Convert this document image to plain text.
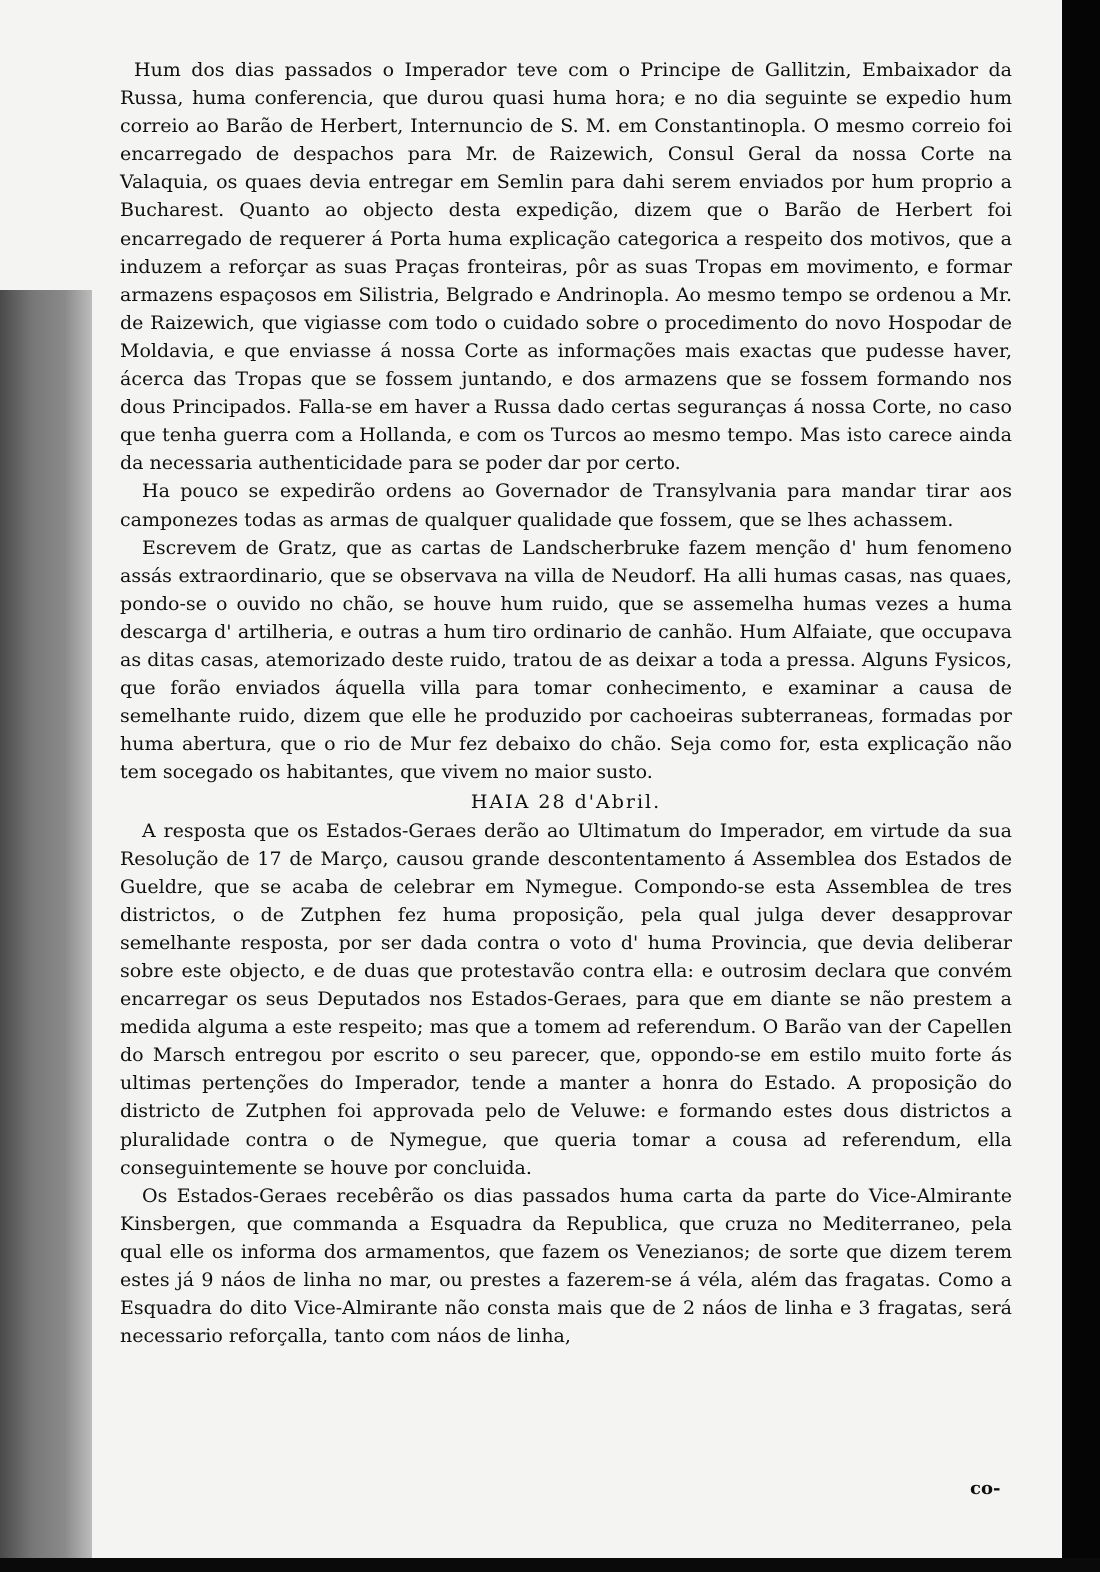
Hum dos dias passados o Imperador teve com o Principe de Gallitzin, Embaixador da Russa, huma conferencia, que durou quasi huma hora; e no dia seguinte se expedio hum correio ao Barão de Herbert, Internuncio de S. M. em Constantinopla. O mesmo correio foi encarregado de despachos para Mr. de Raizewich, Consul Geral da nossa Corte na Valaquia, os quaes devia entregar em Semlin para dahi serem enviados por hum proprio a Bucharest. Quanto ao objecto desta expedição, dizem que o Barão de Herbert foi encarregado de requerer á Porta huma explicação categorica a respeito dos motivos, que a induzem a reforçar as suas Praças fronteiras, pôr as suas Tropas em movimento, e formar armazens espaçosos em Silistria, Belgrado e Andrinopla. Ao mesmo tempo se ordenou a Mr. de Raizewich, que vigiasse com todo o cuidado sobre o procedimento do novo Hospodar de Moldavia, e que enviasse á nossa Corte as informações mais exactas que pudesse haver, ácerca das Tropas que se fossem juntando, e dos armazens que se fossem formando nos dous Principados. Falla-se em haver a Russa dado certas seguranças á nossa Corte, no caso que tenha guerra com a Hollanda, e com os Turcos ao mesmo tempo. Mas isto carece ainda da necessaria authenticidade para se poder dar por certo.

Ha pouco se expedirão ordens ao Governador de Transylvania para mandar tirar aos camponezes todas as armas de qualquer qualidade que fossem, que se lhes achassem.

Escrevem de Gratz, que as cartas de Landscherbruke fazem menção d' hum fenomeno assás extraordinario, que se observava na villa de Neudorf. Ha alli humas casas, nas quaes, pondo-se o ouvido no chão, se houve hum ruido, que se assemelha humas vezes a huma descarga d' artilheria, e outras a hum tiro ordinario de canhão. Hum Alfaiate, que occupava as ditas casas, atemorizado deste ruido, tratou de as deixar a toda a pressa. Alguns Fysicos, que forão enviados áquella villa para tomar conhecimento, e examinar a causa de semelhante ruido, dizem que elle he produzido por cachoeiras subterraneas, formadas por huma abertura, que o rio de Mur fez debaixo do chão. Seja como for, esta explicação não tem socegado os habitantes, que vivem no maior susto.

HAIA 28 d'Abril.

A resposta que os Estados-Geraes derão ao Ultimatum do Imperador, em virtude da sua Resolução de 17 de Março, causou grande descontentamento á Assemblea dos Estados de Gueldre, que se acaba de celebrar em Nymegue. Compondo-se esta Assemblea de tres districtos, o de Zutphen fez huma proposição, pela qual julga dever desapprovar semelhante resposta, por ser dada contra o voto d' huma Provincia, que devia deliberar sobre este objecto, e de duas que protestavão contra ella: e outrosim declara que convém encarregar os seus Deputados nos Estados-Geraes, para que em diante se não prestem a medida alguma a este respeito; mas que a tomem ad referendum. O Barão van der Capellen do Marsch entregou por escrito o seu parecer, que, oppondo-se em estilo muito forte ás ultimas pertenções do Imperador, tende a manter a honra do Estado. A proposição do districto de Zutphen foi approvada pelo de Veluwe: e formando estes dous districtos a pluralidade contra o de Nymegue, que queria tomar a cousa ad referendum, ella conseguintemente se houve por concluida.

Os Estados-Geraes recebêrão os dias passados huma carta da parte do Vice-Almirante Kinsbergen, que commanda a Esquadra da Republica, que cruza no Mediterraneo, pela qual elle os informa dos armamentos, que fazem os Venezianos; de sorte que dizem terem estes já 9 náos de linha no mar, ou prestes a fazerem-se á véla, além das fragatas. Como a Esquadra do dito Vice-Almirante não consta mais que de 2 náos de linha e 3 fragatas, será necessario reforçalla, tanto com náos de linha,

co-
